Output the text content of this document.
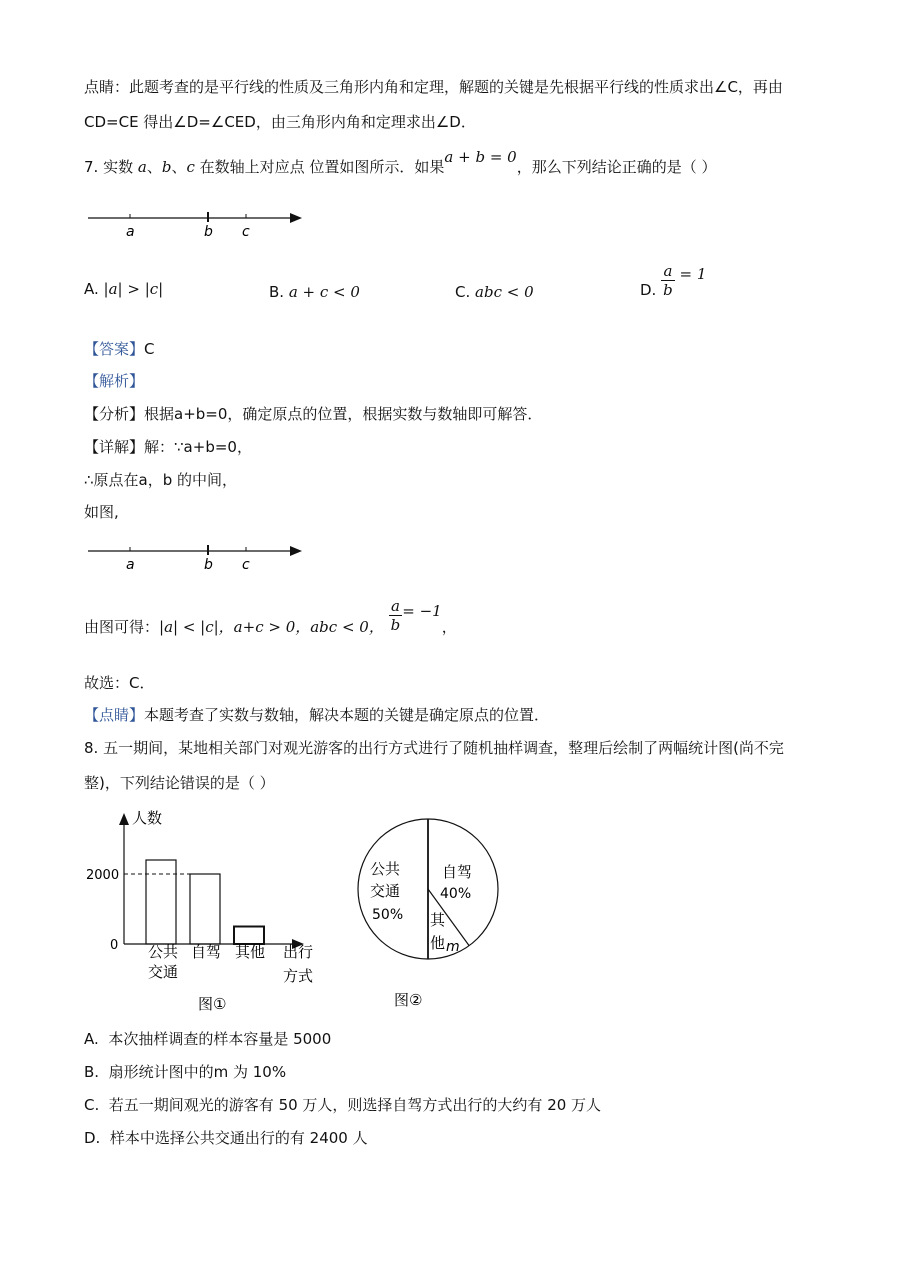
点睛：此题考查的是平行线的性质及三角形内角和定理，解题的关键是先根据平行线的性质求出∠C，再由
CD=CE 得出∠D=∠CED，由三角形内角和定理求出∠D．
7. 实数 a、b、c 在数轴上对应点 位置如图所示．如果a + b = 0，那么下列结论正确的是（ ）
a	b c
A. |a| > |c|	B. a + c < 0	C. abc < 0	D. $\frac{a}{b} = 1$
【答案】C
【解析】
【分析】根据a+b=0，确定原点的位置，根据实数与数轴即可解答．
【详解】解：∵a+b=0，
∴原点在a，b 的中间，
如图,
a	b c
由图可得：|a| < |c|，a+c > 0，abc < 0， $\frac{a}{b} = -1$，
故选：C．
【点睛】本题考查了实数与数轴，解决本题的关键是确定原点的位置．
8. 五一期间，某地相关部门对观光游客的出行方式进行了随机抽样调查，整理后绘制了两幅统计图(尚不完
整)，下列结论错误的是（ ）
人数
2000
0 公共
交通
自驾 其他 出行
方式
图①
公共
交通
50%
自驾
40%
其
他 m
图②
A. 本次抽样调查的样本容量是 5000
B. 扇形统计图中的m 为 10%
C. 若五一期间观光的游客有 50 万人，则选择自驾方式出行的大约有 20 万人
D. 样本中选择公共交通出行的有 2400 人
